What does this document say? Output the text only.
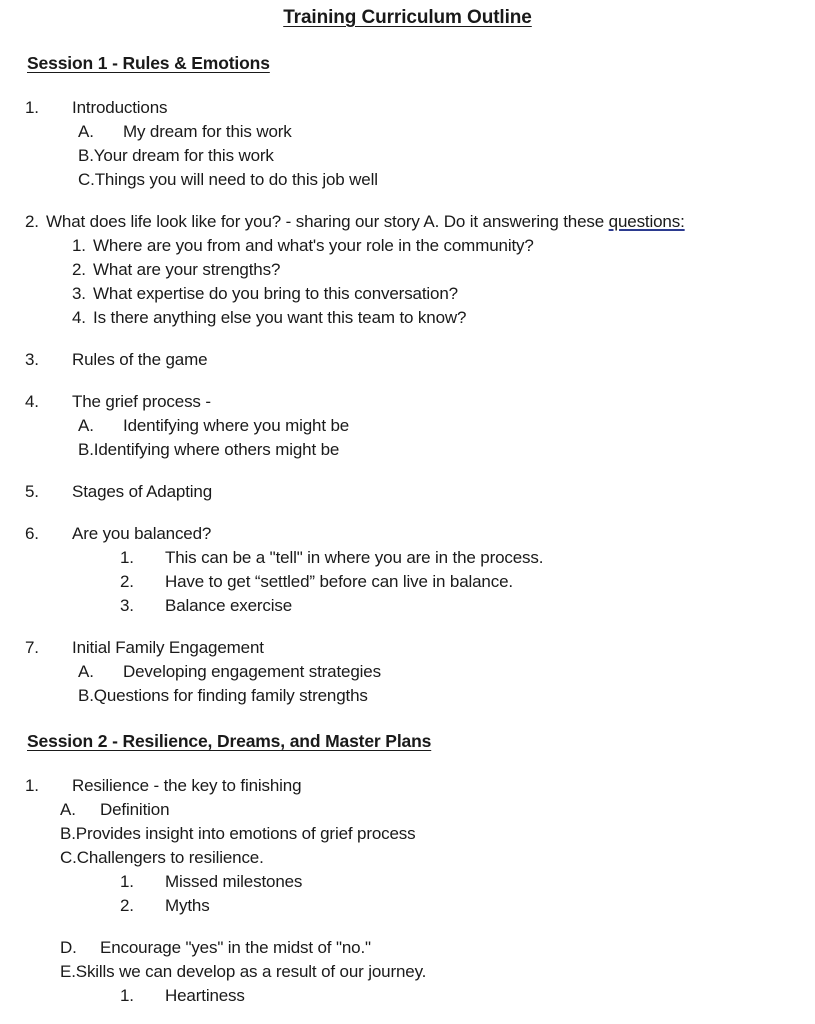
Training Curriculum Outline
Session 1 - Rules & Emotions
1.	Introductions
A.	My dream for this work
B. Your dream for this work
C. Things you will need to do this job well
2. What does life look like for you? - sharing our story A. Do it answering these questions:
1. Where are you from and what's your role in the community?
2. What are your strengths?
3. What expertise do you bring to this conversation?
4. Is there anything else you want this team to know?
3.	Rules of the game
4.	The grief process -
A.	Identifying where you might be
B. Identifying where others might be
5.	Stages of Adapting
6.	Are you balanced?
1.	This can be a "tell" in where you are in the process.
2.	Have to get “settled” before can live in balance.
3.	Balance exercise
7.	Initial Family Engagement
A.	Developing engagement strategies
B. Questions for finding family strengths
Session 2 - Resilience, Dreams, and Master Plans
1.	Resilience - the key to finishing
A.	Definition
B. Provides insight into emotions of grief process
C. Challengers to resilience.
1.	Missed milestones
2.	Myths
D.	Encourage "yes" in the midst of "no."
E. Skills we can develop as a result of our journey.
1.	Heartiness
